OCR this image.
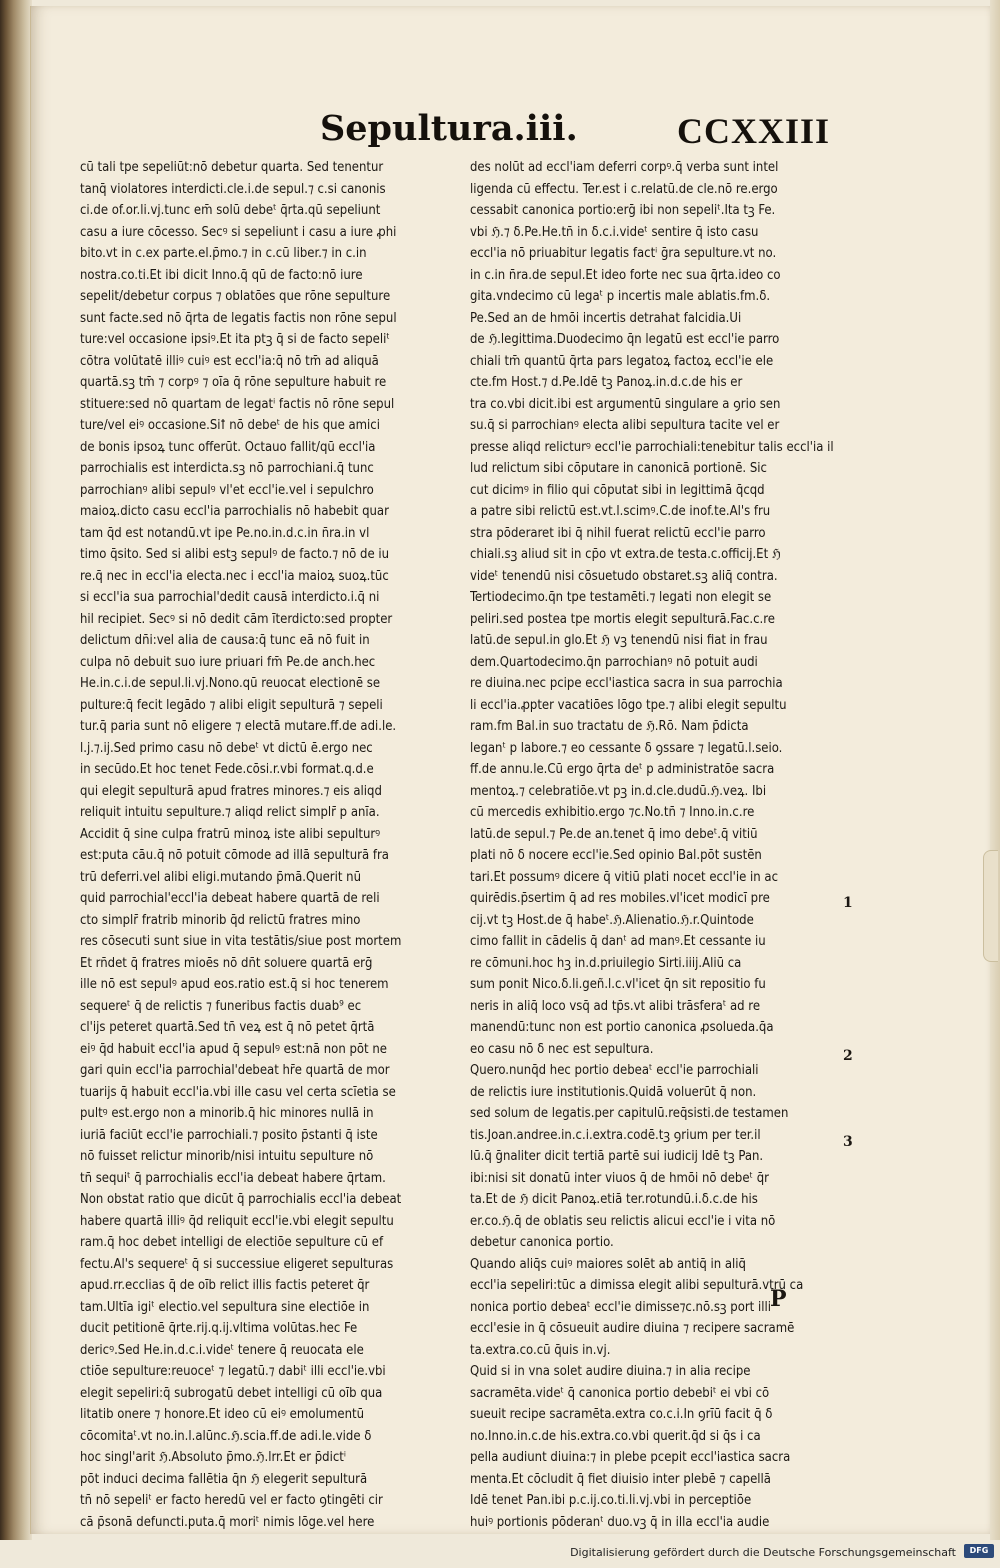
Sepultura.iii.	CCXXIII
cū tali tpe sepeliūt:nō debetur quarta. Sed tenentur
tanq̄ violatores interdicti.cle.i.de sepul.⁊ c.si canonis
ci.de of.or.li.vj.tunc em̄ solū debeᵗ q̄rta.qū sepeliunt
casu a iure cōcesso. Secꝰ si sepeliunt i casu a iure ꝓhi
bito.vt in c.ex parte.el.p̄mo.⁊ in c.cū liber.⁊ in c.in
nostra.co.ti.Et ibi dicit Inno.q̄ qū de facto:nō iure
sepelit/debetur corpus ⁊ oblatōes que rōne sepulture
sunt facte.sed nō q̄rta de legatis factis non rōne sepul
ture:vel occasione ipsiꝰ.Et ita ptꝫ q̄ si de facto sepeliᵗ
cōtra volūtatē illiꝰ cuiꝰ est eccl'ia:q̄ nō tm̄ ad aliquā
quartā.sꝫ tm̄ ⁊ corpꝰ ⁊ oīa q̄ rōne sepulture habuit re
stituere:sed nō quartam de legatⁱ factis nō rōne sepul
ture/vel eiꝰ occasione.Siꝉ nō debeᵗ de his que amici
de bonis ipsoꝝ tunc offerūt. Octauo fallit/qū eccl'ia
parrochialis est interdicta.sꝫ nō parrochiani.q̄ tunc
parrochianꝰ alibi sepulꝰ vl'et eccl'ie.vel i sepulchro
maioꝝ.dicto casu eccl'ia parrochialis nō habebit quar
tam q̄d est notandū.vt ipe Pe.no.in.d.c.in n̄ra.in vl
timo q̄sito. Sed si alibi estꝫ sepulꝰ de facto.⁊ nō de iu
re.q̄ nec in eccl'ia electa.nec i eccl'ia maioꝝ suoꝝ.tūc
si eccl'ia sua parrochial'dedit causā interdicto.i.q̄ ni
hil recipiet. Secꝰ si nō dedit cām īterdicto:sed propter
delictum dn̄i:vel alia de causa:q̄ tunc eā nō fuit in
culpa nō debuit suo iure priuari fm̄ Pe.de anch.hec
He.in.c.i.de sepul.li.vj.Nono.qū reuocat electionē se
pulture:q̄ fecit legādo ⁊ alibi eligit sepulturā ⁊ sepeli
tur.q̄ paria sunt nō eligere ⁊ electā mutare.ff.de adi.le.
l.j.⁊.ij.Sed primo casu nō debeᵗ vt dictū ē.ergo nec
in secūdo.Et hoc tenet Fede.cōsi.r.vbi format.q.d.e
qui elegit sepulturā apud fratres minores.⁊ eis aliqd
reliquit intuitu sepulture.⁊ aliqd relict simplr̄ p anīa.
Accidit q̄ sine culpa fratrū minoꝝ iste alibi sepulturꝰ
est:puta cāu.q̄ nō potuit cōmode ad illā sepulturā fra
trū deferri.vel alibi eligi.mutando p̄mā.Querit nū
quid parrochial'eccl'ia debeat habere quartā de reli
cto simplr̄ fratrib minorib q̄d relictū fratres mino
res cōsecuti sunt siue in vita testātis/siue post mortem
Et rn̄det q̄ fratres mioēs nō dn̄t soluere quartā erḡ
ille nō est sepulꝰ apud eos.ratio est.q̄ si hoc tenerem
sequereᵗ q̄ de relictis ⁊ funeribus factis duab⁹ ec
cl'ijs peteret quartā.Sed tn̄ veꝝ est q̄ nō petet q̄rtā
eiꝰ q̄d habuit eccl'ia apud q̄ sepulꝰ est:nā non pōt ne
gari quin eccl'ia parrochial'debeat hr̄e quartā de mor
tuarijs q̄ habuit eccl'ia.vbi ille casu vel certa scīetia se
pultꝰ est.ergo non a minorib.q̄ hic minores nullā in
iuriā faciūt eccl'ie parrochiali.⁊ posito p̄stanti q̄ iste
nō fuisset relictur minorib/nisi intuitu sepulture nō
tn̄ sequiᵗ q̄ parrochialis eccl'ia debeat habere q̄rtam.
Non obstat ratio que dicūt q̄ parrochialis eccl'ia debeat
habere quartā illiꝰ q̄d reliquit eccl'ie.vbi elegit sepultu
ram.q̄ hoc debet intelligi de electiōe sepulture cū ef
fectu.Al's sequereᵗ q̄ si successiue eligeret sepulturas
apud.rr.ecclias q̄ de oīb relict illis factis peteret q̄r
tam.Ultīa igiᵗ electio.vel sepultura sine electiōe in
ducit petitionē q̄rte.rij.q.ij.vltima volūtas.hec Fe
dericꝰ.Sed He.in.d.c.i.videᵗ tenere q̄ reuocata ele
ctiōe sepulture:reuoceᵗ ⁊ legatū.⁊ dabiᵗ illi eccl'ie.vbi
elegit sepeliri:q̄ subrogatū debet intelligi cū oīb qua
litatib onere ⁊ honore.Et ideo cū eiꝰ emolumentū
cōcomitaᵗ.vt no.in.l.alūnc.ℌ.scia.ff.de adi.le.vide δ
hoc singl'arit ℌ.Absoluto p̄mo.ℌ.lrr.Et er p̄dictⁱ
pōt induci decima fallētia q̄n ℌ elegerit sepulturā
tn̄ nō sepeliᵗ er facto heredū vel er facto ꝯtingēti cir
cā p̄sonā defuncti.puta.q̄ moriᵗ nimis lōge.vel here
des nolūt ad eccl'iam deferri corpꝰ.q̄ verba sunt intel
ligenda cū effectu. Ter.est i c.relatū.de cle.nō re.ergo
cessabit canonica portio:erḡ ibi non sepeliᵗ.Ita tꝫ Fe.
vbi ℌ.⁊ δ.Pe.He.tn̄ in δ.c.i.videᵗ sentire q̄ isto casu
eccl'ia nō priuabitur legatis factⁱ ḡra sepulture.vt no.
in c.in n̄ra.de sepul.Et ideo forte nec sua q̄rta.ideo co
gita.vndecimo cū legaᵗ p incertis male ablatis.fm.δ.
Pe.Sed an de hmōi incertis detrahat falcidia.Ui
de ℌ.legittima.Duodecimo q̄n legatū est eccl'ie parro
chiali tm̄ quantū q̄rta pars legatoꝝ factoꝝ eccl'ie ele
cte.fm Host.⁊ d.Pe.Idē tꝫ Panoꝝ.in.d.c.de his er
tra co.vbi dicit.ibi est argumentū singulare a ꝯrio sen
su.q̄ si parrochianꝰ electa alibi sepultura tacite vel er
presse aliqd relicturꝰ eccl'ie parrochiali:tenebitur talis eccl'ia il
lud relictum sibi cōputare in canonicā portionē. Sic
cut dicimꝰ in filio qui cōputat sibi in legittimā q̄cqd
a patre sibi relictū est.vt.l.scimꝰ.C.de inof.te.Al's fru
stra pōderaret ibi q̄ nihil fuerat relictū eccl'ie parro
chiali.sꝫ aliud sit in cp̄o vt extra.de testa.c.officij.Et ℌ
videᵗ tenendū nisi cōsuetudo obstaret.sꝫ aliq̄ contra.
Tertiodecimo.q̄n tpe testamēti.⁊ legati non elegit se
peliri.sed postea tpe mortis elegit sepulturā.Fac.c.re
latū.de sepul.in glo.Et ℌ vꝫ tenendū nisi fiat in frau
dem.Quartodecimo.q̄n parrochianꝰ nō potuit audi
re diuina.nec pcipe eccl'iastica sacra in sua parrochia
li eccl'ia.ꝓpter vacatiōes lōgo tpe.⁊ alibi elegit sepultu
ram.fm Bal.in suo tractatu de ℌ.Rō. Nam p̄dicta
leganᵗ p labore.⁊ eo cessante δ ꝯssare ⁊ legatū.l.seio.
ff.de annu.le.Cū ergo q̄rta deᵗ p administratōe sacra
mentoꝝ.⁊ celebratiōe.vt pꝫ in.d.cle.dudū.ℌ.veꝝ. Ibi
cū mercedis exhibitio.ergo ⁊c.No.tn̄ ⁊ Inno.in.c.re
latū.de sepul.⁊ Pe.de an.tenet q̄ imo debeᵗ.q̄ vitiū
plati nō δ nocere eccl'ie.Sed opinio Bal.pōt sustēn
tari.Et possumꝰ dicere q̄ vitiū plati nocet eccl'ie in ac
quirēdis.p̄sertim q̄ ad res mobiles.vl'icet modicī pre
cij.vt tꝫ Host.de q̄ habeᵗ.ℌ.Alienatio.ℌ.r.Quintode
cimo fallit in cādelis q̄ danᵗ ad manꝰ.Et cessante iu
re cōmuni.hoc hꝫ in.d.priuilegio Sirti.iiij.Aliū ca
sum ponit Nico.δ.li.geñ.l.c.vl'icet q̄n sit repositio fu
neris in aliq̄ loco vsq̄ ad tp̄s.vt alibi trāsferaᵗ ad re
manendū:tunc non est portio canonica ꝓsolueda.q̄a
eo casu nō δ nec est sepultura.
Quero.nunq̄d hec portio debeaᵗ eccl'ie parrochiali
de relictis iure institutionis.Quidā voluerūt q̄ non.
sed solum de legatis.per capitulū.req̄sisti.de testamen
tis.Joan.andree.in.c.i.extra.codē.tꝫ ꝯrium per ter.il
lū.q̄ ḡnaliter dicit tertiā partē sui iudicij Idē tꝫ Pan.
ibi:nisi sit donatū inter viuos q̄ de hmōi nō debeᵗ q̄r
ta.Et de ℌ dicit Panoꝝ.etiā ter.rotundū.i.δ.c.de his
er.co.ℌ.q̄ de oblatis seu relictis alicui eccl'ie i vita nō
debetur canonica portio.
Quando aliq̄s cuiꝰ maiores solēt ab antiq̄ in aliq̄
eccl'ia sepeliri:tūc a dimissa elegit alibi sepulturā.vtrū ca
nonica portio debeaᵗ eccl'ie dimisse⁊c.nō.sꝫ port illi
eccl'esie in q̄ cōsueuit audire diuina ⁊ recipere sacramē
ta.extra.co.cū q̄uis in.vj.
Quid si in vna solet audire diuina.⁊ in alia recipe
sacramēta.videᵗ q̄ canonica portio debebiᵗ ei vbi cō
sueuit recipe sacramēta.extra co.c.i.In ꝯrīū facit q̄ δ
no.Inno.in.c.de his.extra.co.vbi querit.q̄d si q̄s i ca
pella audiunt diuina:⁊ in plebe pcepit eccl'iastica sacra
menta.Et cōcludit q̄ fiet diuisio inter plebē ⁊ capellā
Idē tenet Pan.ibi p.c.ij.co.ti.li.vj.vbi in perceptiōe
huiꝰ portionis pōderanᵗ duo.vꝫ q̄ in illa eccl'ia audie
1
2
3
P
Digitalisierung gefördert durch die Deutsche Forschungsgemeinschaft	DFG
